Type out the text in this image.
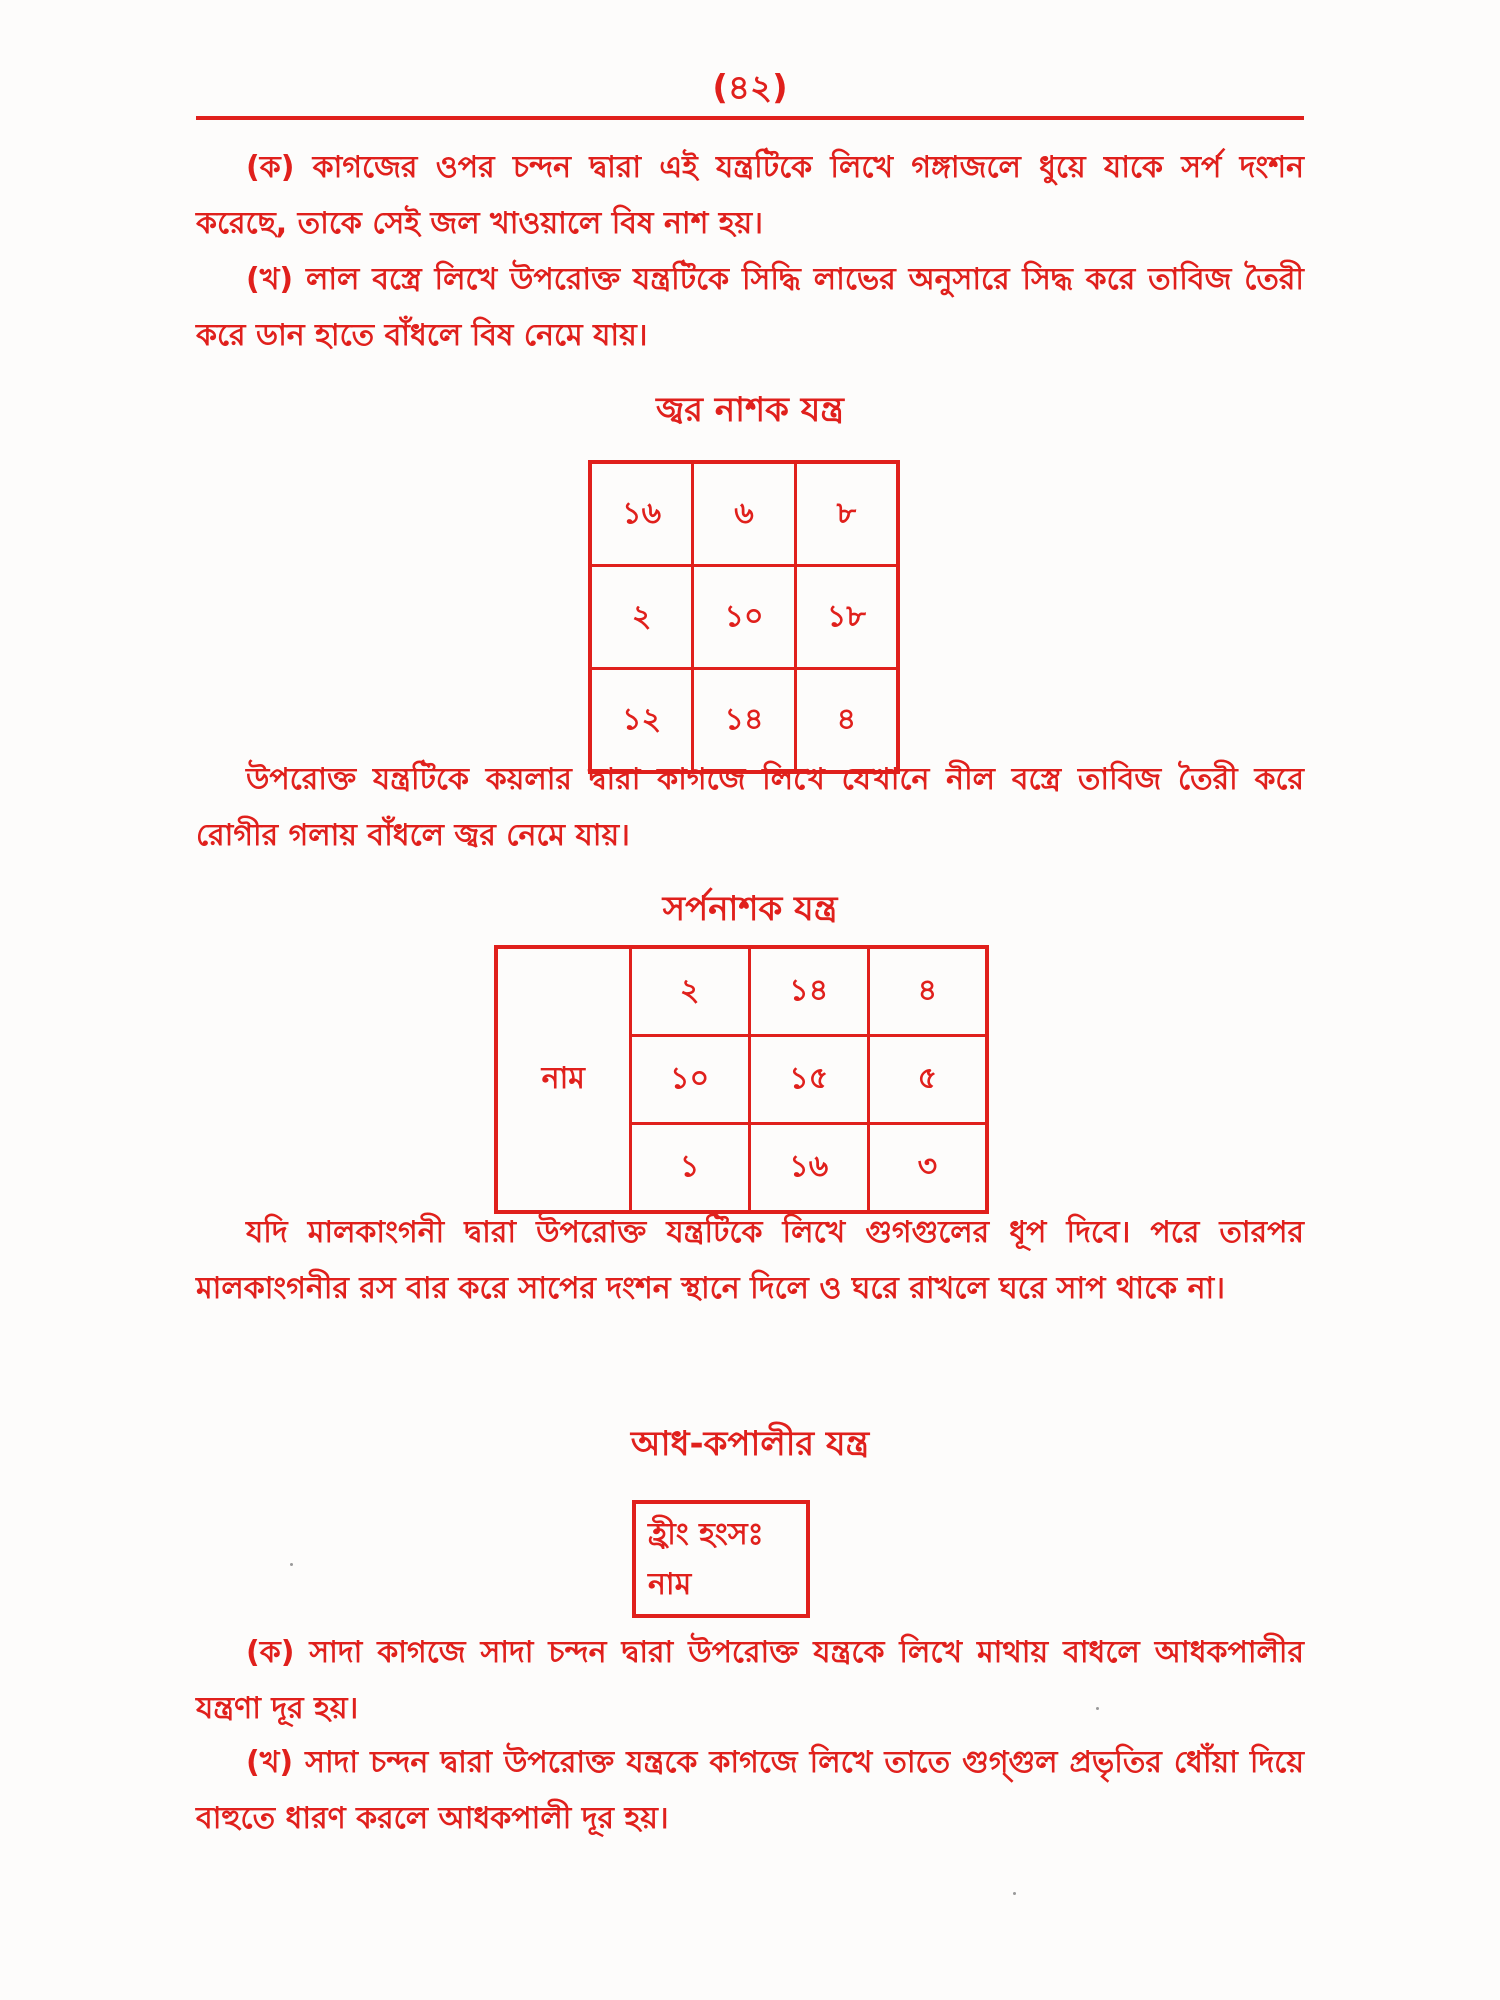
(৪২)

(ক) কাগজের ওপর চন্দন দ্বারা এই যন্ত্রটিকে লিখে গঙ্গাজলে ধুয়ে যাকে সর্প দংশন করেছে, তাকে সেই জল খাওয়ালে বিষ নাশ হয়।

(খ) লাল বস্ত্রে লিখে উপরোক্ত যন্ত্রটিকে সিদ্ধি লাভের অনুসারে সিদ্ধ করে তাবিজ তৈরী করে ডান হাতে বাঁধলে বিষ নেমে যায়।

জ্বর নাশক যন্ত্র
১৬	৬	৮
২	১০	১৮
১২	১৪	৪

উপরোক্ত যন্ত্রটিকে কয়লার দ্বারা কাগজে লিখে যেখানে নীল বস্ত্রে তাবিজ তৈরী করে রোগীর গলায় বাঁধলে জ্বর নেমে যায়।

সর্পনাশক যন্ত্র
নাম	২	১৪	৪
	১০	১৫	৫
	১	১৬	৩

যদি মালকাংগনী দ্বারা উপরোক্ত যন্ত্রটিকে লিখে গুগগুলের ধূপ দিবে। পরে তারপর মালকাংগনীর রস বার করে সাপের দংশন স্থানে দিলে ও ঘরে রাখলে ঘরে সাপ থাকে না।

আধ-কপালীর যন্ত্র
হ্রীং হংসঃ
নাম

(ক) সাদা কাগজে সাদা চন্দন দ্বারা উপরোক্ত যন্ত্রকে লিখে মাথায় বাধলে আধকপালীর যন্ত্রণা দূর হয়।

(খ) সাদা চন্দন দ্বারা উপরোক্ত যন্ত্রকে কাগজে লিখে তাতে গুগ্গুল প্রভৃতির ধোঁয়া দিয়ে বাহুতে ধারণ করলে আধকপালী দূর হয়।
